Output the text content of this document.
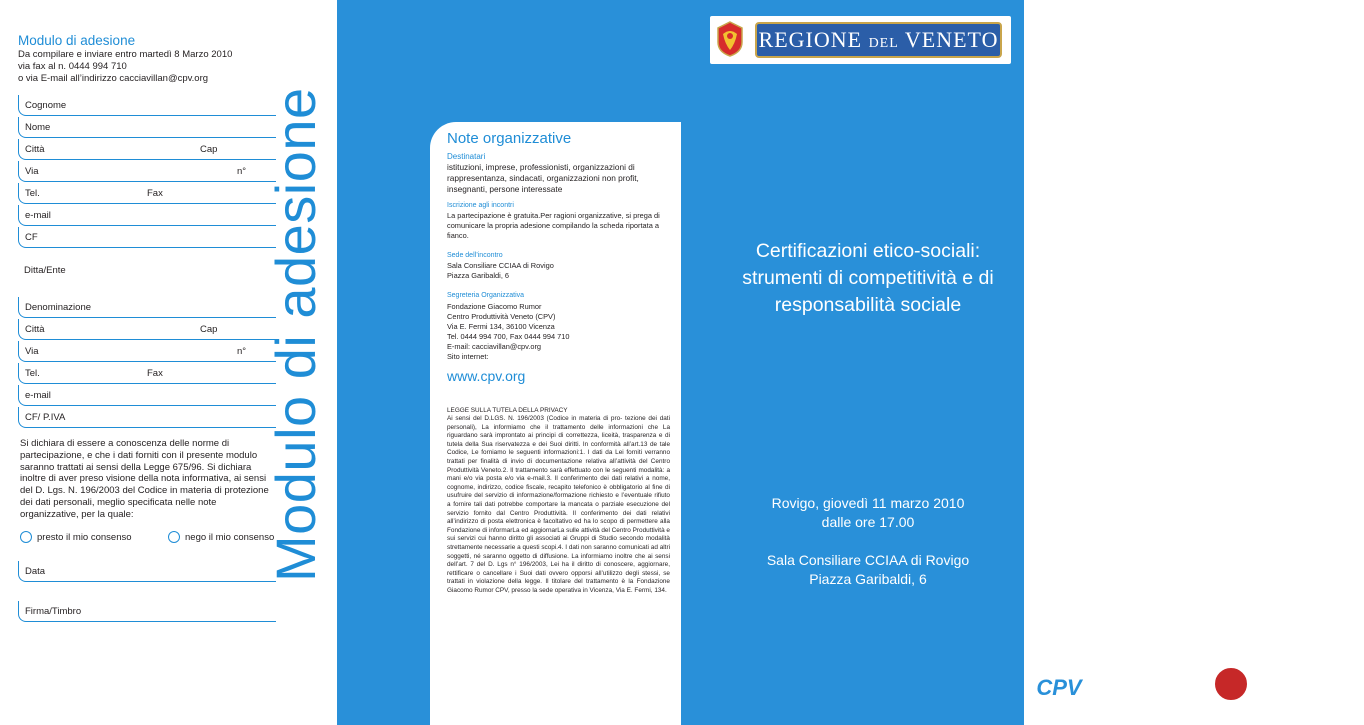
Modulo di adesione
Da compilare e inviare entro martedì 8 Marzo 2010
via fax al n. 0444 994 710
o via E-mail all’indirizzo cacciavillan@cpv.org
Cognome
Nome
Città	Cap
Via	n°
Tel.	Fax
e-mail
CF
Ditta/Ente
Denominazione
Città	Cap
Via	n°
Tel.	Fax
e-mail
CF/ P.IVA
Si dichiara di essere a conoscenza delle norme di partecipazione, e che i dati forniti con il presente modulo saranno trattati ai sensi della Legge 675/96. Si dichiara inoltre di aver preso visione della nota informativa, ai sensi del D. Lgs. N. 196/2003 del Codice in materia di protezione dei dati personali, meglio specificata nelle note organizzative, per la quale:
presto il mio consenso	nego il mio consenso
Data
Firma/Timbro
Modulo di adesione
REGIONE DEL VENETO
Certificazioni etico-sociali: strumenti di competitività e di responsabilità sociale
Rovigo, giovedì 11 marzo 2010
dalle ore 17.00
Sala Consiliare CCIAA di Rovigo
Piazza Garibaldi, 6
CPV	Centro Produttività
Veneto
Formazione & Innovazione
CAMERA DI COMMERCIO
INDUSTRIA ARTIGIANATO AGRICOLTURA
VICENZA
Note organizzative
Destinatari
istituzioni, imprese, professionisti, organizzazioni di rappresentanza, sindacati, organizzazioni non profit, insegnanti, persone interessate
Iscrizione agli incontri
La partecipazione è gratuita.Per ragioni organizzative, si prega di comunicare la propria adesione compilando la scheda riportata a fianco.
Sede dell’incontro
Sala Consiliare CCIAA di Rovigo
Piazza Garibaldi, 6
Segreteria Organizzativa
Fondazione Giacomo Rumor
Centro Produttività Veneto (CPV)
Via E. Fermi 134, 36100 Vicenza
Tel. 0444 994 700, Fax 0444 994 710
E-mail: cacciavillan@cpv.org
Sito internet:
www.cpv.org
LEGGE SULLA TUTELA DELLA PRIVACY
Ai sensi del D.LGS. N. 196/2003 (Codice in materia di pro- tezione dei dati personali), La informiamo che il trattamento delle informazioni che La riguardano sarà improntato ai principi di correttezza, liceità, trasparenza e di tutela della Sua riservatezza e dei Suoi diritti. In conformità all’art.13 de tale Codice, Le forniamo le seguenti informazioni:1. I dati da Lei forniti verranno trattati per finalità di invio di documentazione relativa all’attività del Centro Produttività Veneto.2. Il trattamento sarà effettuato con le seguenti modalità: a mani e/o via posta e/o via e-mail.3. Il conferimento dei dati relativi a nome, cognome, indirizzo, codice fiscale, recapito telefonico è obbligatorio al fine di usufruire del servizio di informazione/formazione richiesto e l’eventuale rifiuto a fornire tali dati potrebbe comportare la mancata o parziale esecuzione del servizio fornito dal Centro Produttività. Il conferimento dei dati relativi all’indirizzo di posta elettronica è facoltativo ed ha lo scopo di permettere alla Fondazione di informarLa ed aggiornarLa sulle attività del Centro Produttività e sui servizi cui hanno diritto gli associati ai Gruppi di Studio secondo modalità strettamente necessarie a questi scopi.4. I dati non saranno comunicati ad altri soggetti, né saranno oggetto di diffusione. La informiamo inoltre che ai sensi dell’art. 7 del D. Lgs n° 196/2003, Lei ha il diritto di conoscere, aggiornare, rettificare o cancellare i Suoi dati ovvero opporsi all’utilizzo degli stessi, se trattati in violazione della legge. Il titolare del trattamento è la Fondazione Giacomo Rumor CPV, presso la sede operativa in Vicenza, Via E. Fermi, 134.
